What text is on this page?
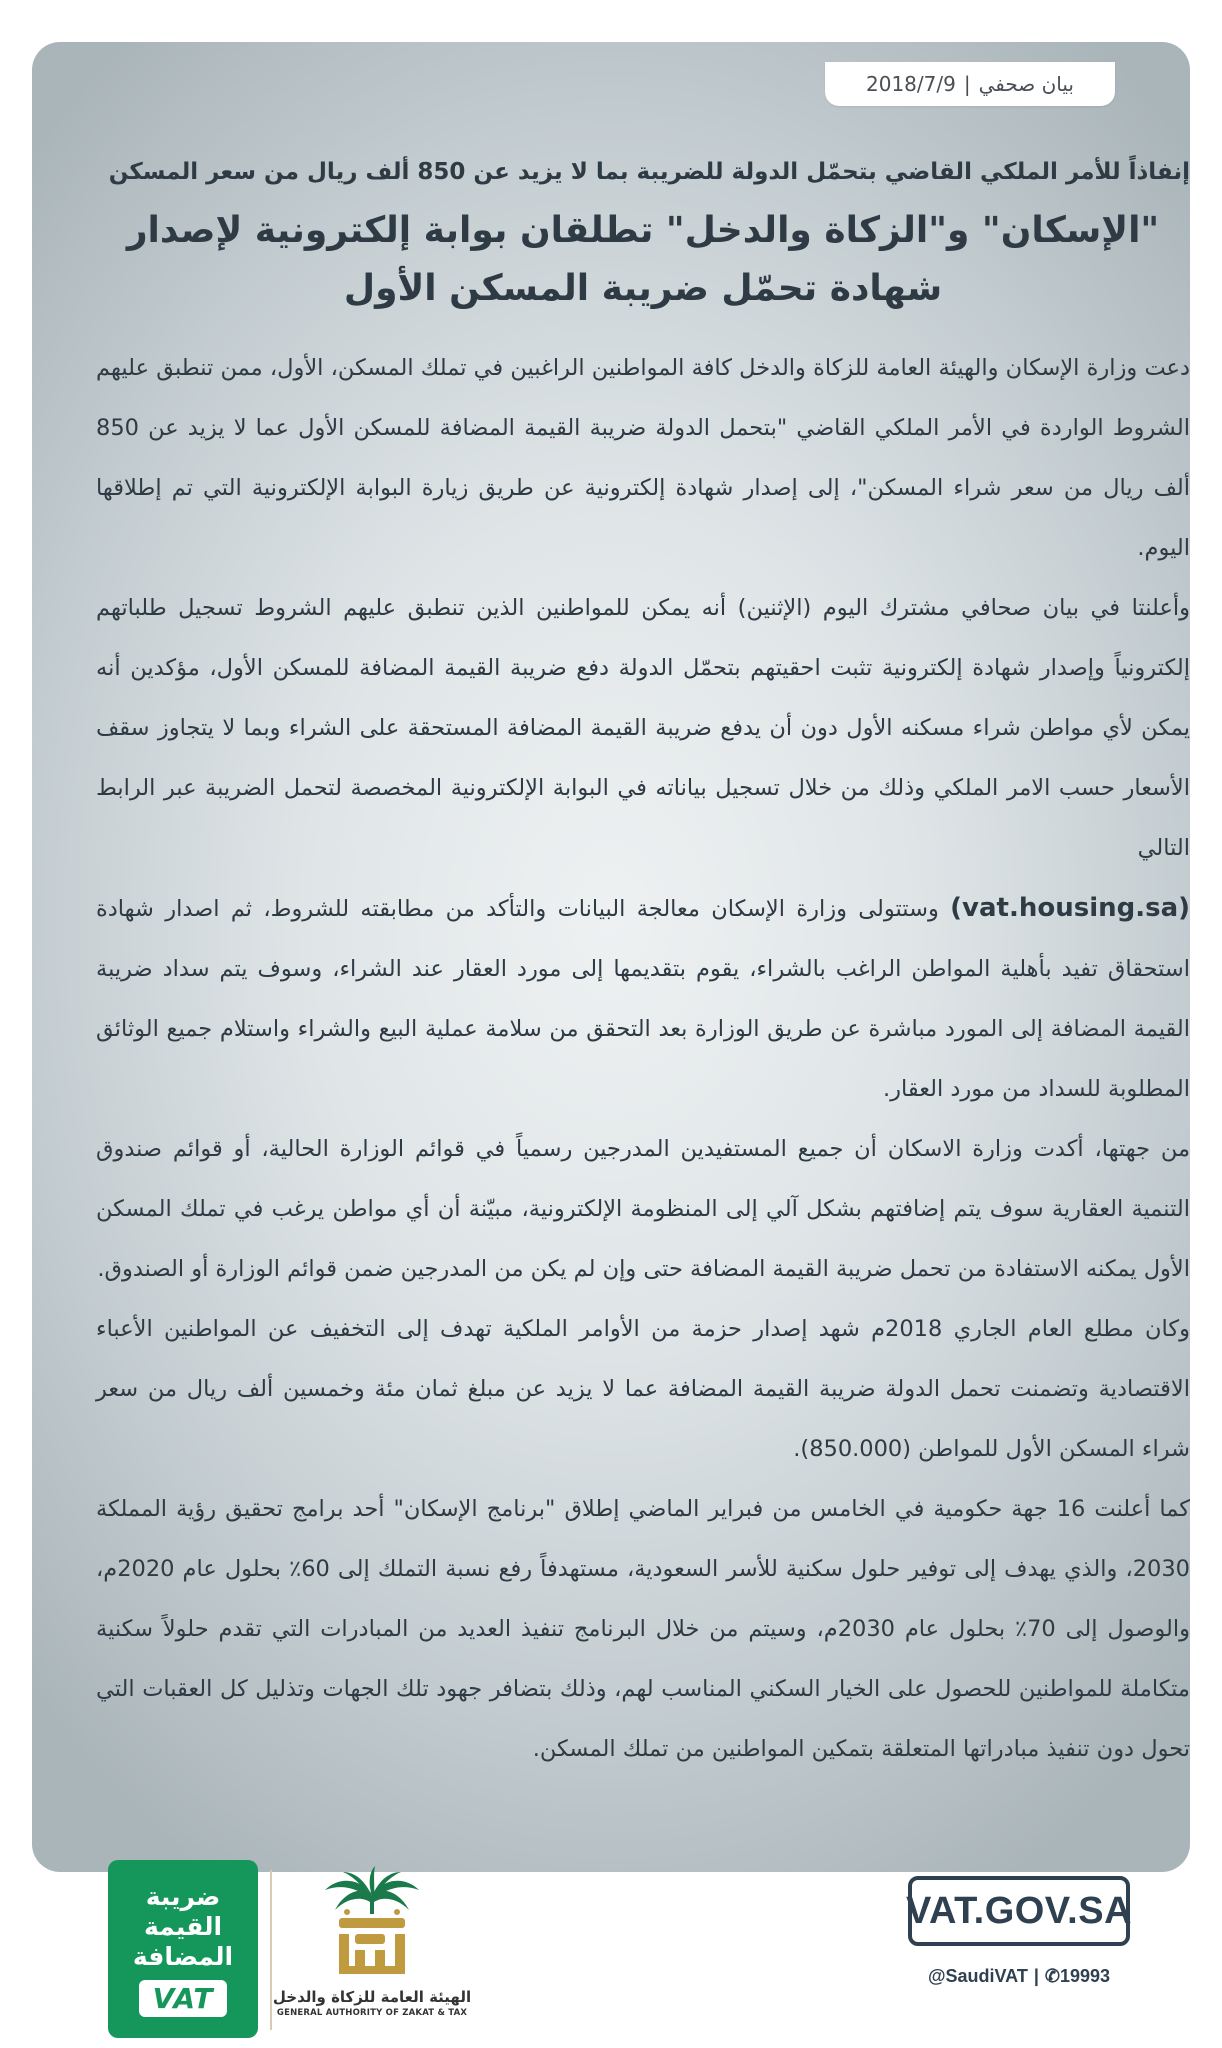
بيان صحفي
|
2018/7/9
إنفاذاً للأمر الملكي القاضي بتحمّل الدولة للضريبة بما لا يزيد عن 850 ألف ريال من سعر المسكن
"الإسكان" و"الزكاة والدخل" تطلقان بوابة إلكترونية لإصدار
شهادة تحمّل ضريبة المسكن الأول

دعت وزارة الإسكان والهيئة العامة للزكاة والدخل كافة المواطنين الراغبين في تملك المسكن، الأول، ممن تنطبق عليهم الشروط الواردة في الأمر الملكي القاضي "بتحمل الدولة ضريبة القيمة المضافة للمسكن الأول عما لا يزيد عن 850 ألف ريال من سعر شراء المسكن"، إلى إصدار شهادة إلكترونية عن طريق زيارة البوابة الإلكترونية التي تم إطلاقها اليوم.

وأعلنتا في بيان صحافي مشترك اليوم (الإثنين) أنه يمكن للمواطنين الذين تنطبق عليهم الشروط تسجيل طلباتهم إلكترونياً وإصدار شهادة إلكترونية تثبت احقيتهم بتحمّل الدولة دفع ضريبة القيمة المضافة للمسكن الأول، مؤكدين أنه يمكن لأي مواطن شراء مسكنه الأول دون أن يدفع ضريبة القيمة المضافة المستحقة على الشراء وبما لا يتجاوز سقف الأسعار حسب الامر الملكي وذلك من خلال تسجيل بياناته في البوابة الإلكترونية المخصصة لتحمل الضريبة عبر الرابط التالي

(vat.housing.sa) وستتولى وزارة الإسكان معالجة البيانات والتأكد من مطابقته للشروط، ثم اصدار شهادة استحقاق تفيد بأهلية المواطن الراغب بالشراء، يقوم بتقديمها إلى مورد العقار عند الشراء، وسوف يتم سداد ضريبة القيمة المضافة إلى المورد مباشرة عن طريق الوزارة بعد التحقق من سلامة عملية البيع والشراء واستلام جميع الوثائق المطلوبة للسداد من مورد العقار.

من جهتها، أكدت وزارة الاسكان أن جميع المستفيدين المدرجين رسمياً في قوائم الوزارة الحالية، أو قوائم صندوق التنمية العقارية سوف يتم إضافتهم بشكل آلي إلى المنظومة الإلكترونية، مبيّنة أن أي مواطن يرغب في تملك المسكن الأول يمكنه الاستفادة من تحمل ضريبة القيمة المضافة حتى وإن لم يكن من المدرجين ضمن قوائم الوزارة أو الصندوق.

وكان مطلع العام الجاري 2018م شهد إصدار حزمة من الأوامر الملكية تهدف إلى التخفيف عن المواطنين الأعباء الاقتصادية وتضمنت تحمل الدولة ضريبة القيمة المضافة عما لا يزيد عن مبلغ ثمان مئة وخمسين ألف ريال من سعر شراء المسكن الأول للمواطن (850.000).

كما أعلنت 16 جهة حكومية في الخامس من فبراير الماضي إطلاق "برنامج الإسكان" أحد برامج تحقيق رؤية المملكة 2030، والذي يهدف إلى توفير حلول سكنية للأسر السعودية، مستهدفاً رفع نسبة التملك إلى 60٪ بحلول عام 2020م، والوصول إلى 70٪ بحلول عام 2030م، وسيتم من خلال البرنامج تنفيذ العديد من المبادرات التي تقدم حلولاً سكنية متكاملة للمواطنين للحصول على الخيار السكني المناسب لهم، وذلك بتضافر جهود تلك الجهات وتذليل كل العقبات التي تحول دون تنفيذ مبادراتها المتعلقة بتمكين المواطنين من تملك المسكن.

ضريبة
القيمة
المضافة
VAT	الهيئة العامة للزكاة والدخل
GENERAL AUTHORITY OF ZAKAT & TAX
VAT.GOV.SA
@SaudiVAT | ✆19993
